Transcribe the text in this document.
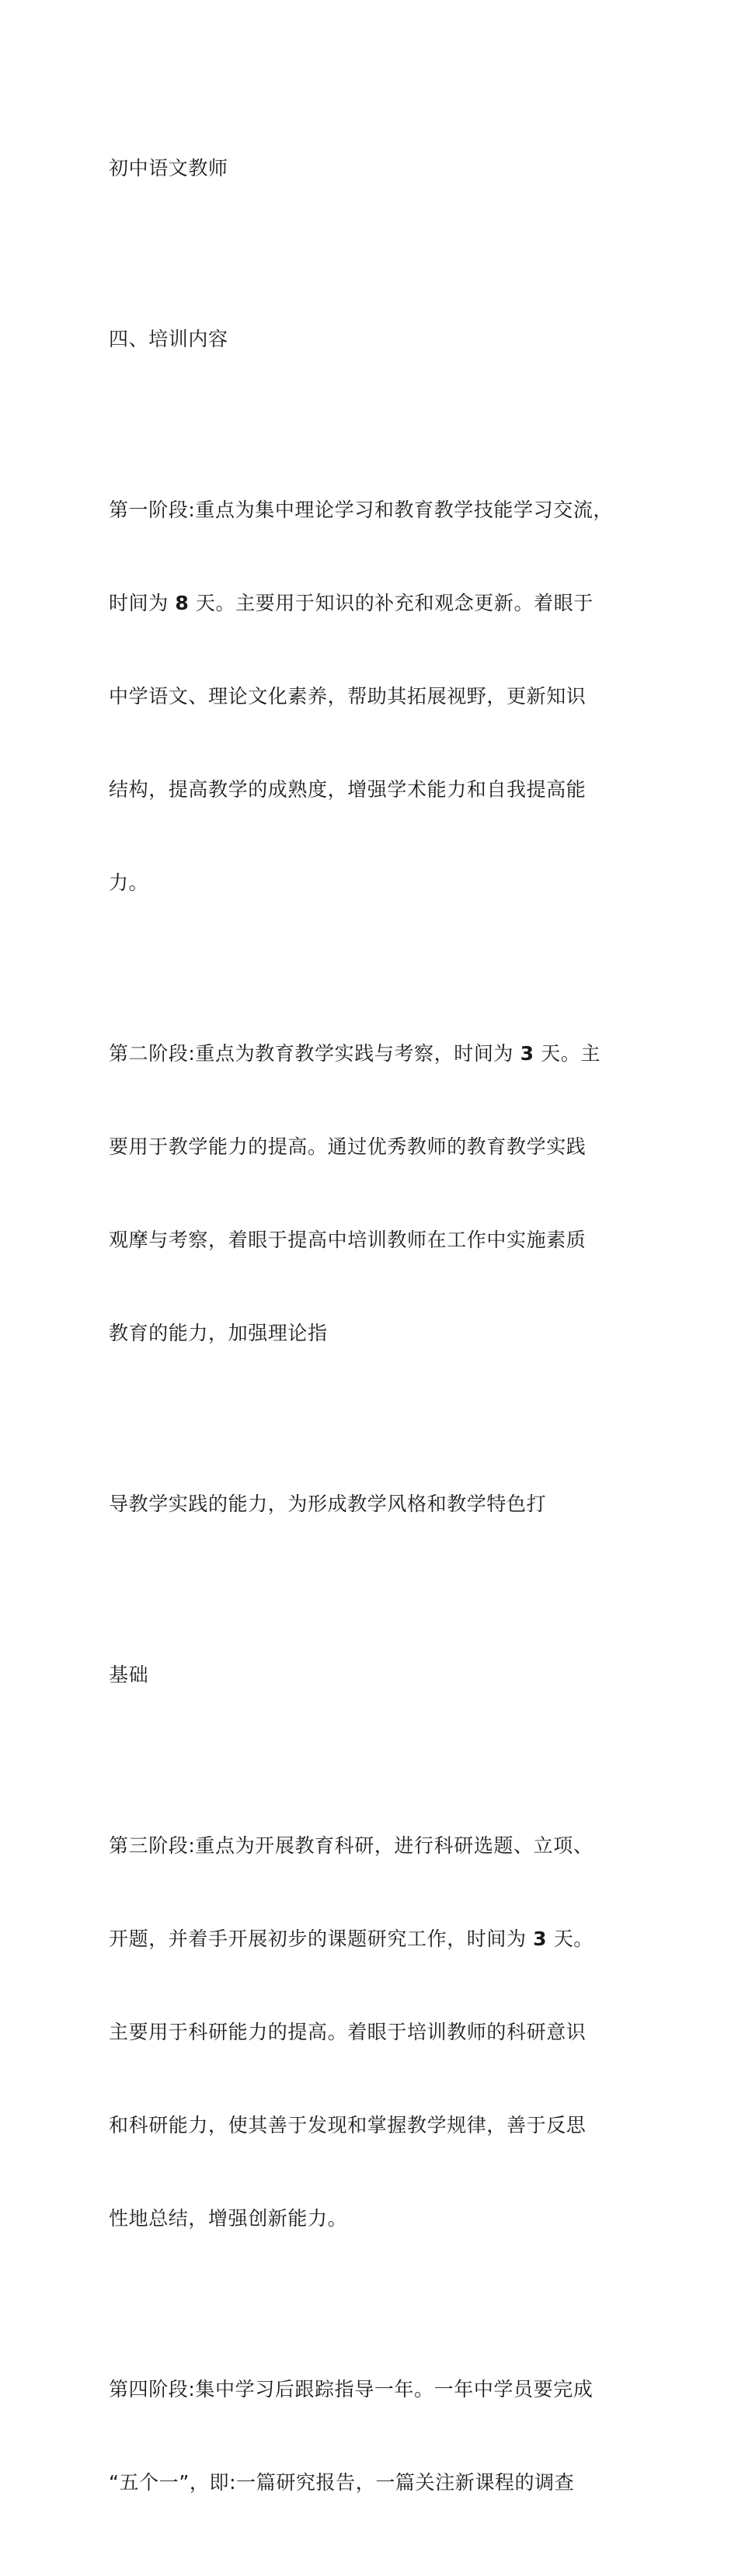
初中语文教师

四、培训内容

第一阶段:重点为集中理论学习和教育教学技能学习交流，

时间为 8 天。主要用于知识的补充和观念更新。着眼于

中学语文、理论文化素养，帮助其拓展视野，更新知识

结构，提高教学的成熟度，增强学术能力和自我提高能

力。

第二阶段:重点为教育教学实践与考察，时间为 3 天。主

要用于教学能力的提高。通过优秀教师的教育教学实践

观摩与考察，着眼于提高中培训教师在工作中实施素质

教育的能力，加强理论指

导教学实践的能力，为形成教学风格和教学特色打

基础

第三阶段:重点为开展教育科研，进行科研选题、立项、

开题，并着手开展初步的课题研究工作，时间为 3 天。

主要用于科研能力的提高。着眼于培训教师的科研意识

和科研能力，使其善于发现和掌握教学规律，善于反思

性地总结，增强创新能力。

第四阶段:集中学习后跟踪指导一年。一年中学员要完成

“五个一”，即:一篇研究报告，一篇关注新课程的调查
